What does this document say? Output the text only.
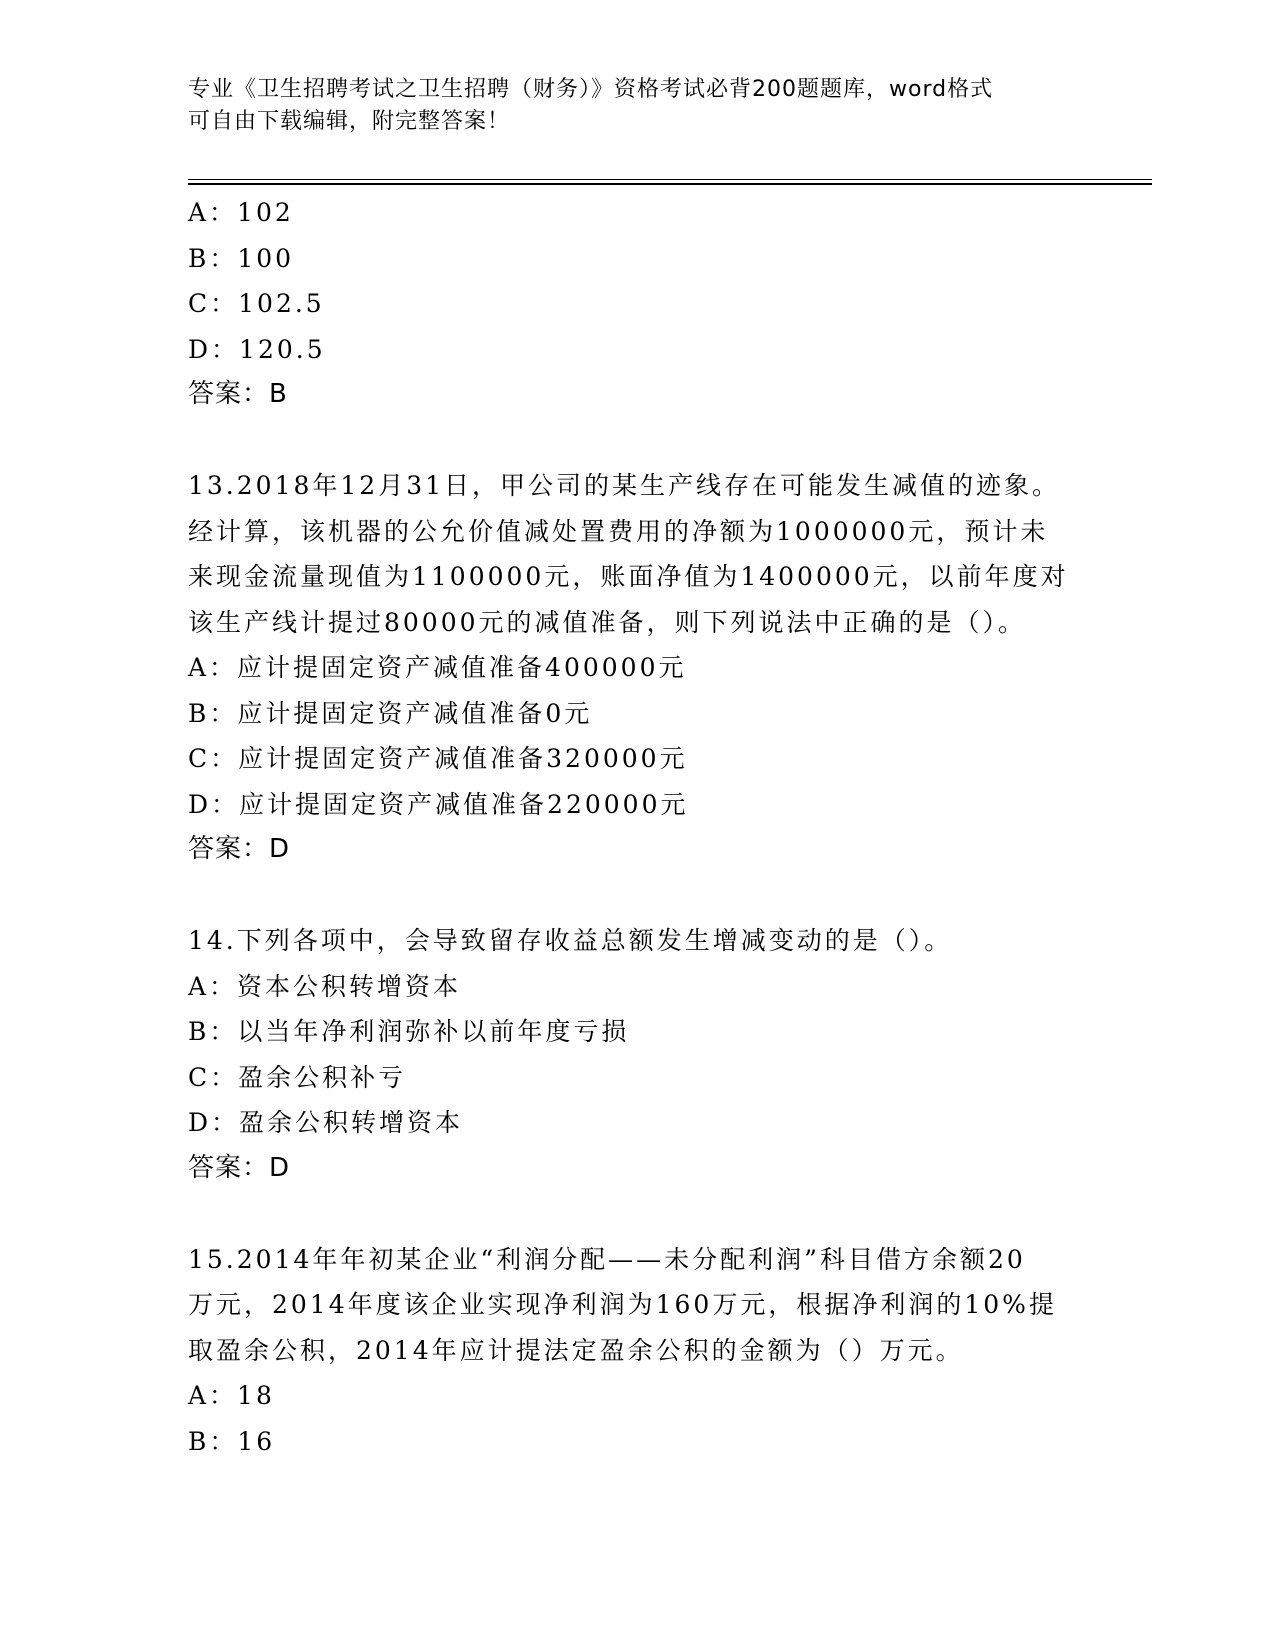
专业《卫生招聘考试之卫生招聘（财务）》资格考试必背200题题库，word格式
可自由下载编辑，附完整答案！
A：102
B：100
C：102.5
D：120.5
答案：B
13.2018年12月31日，甲公司的某生产线存在可能发生减值的迹象。
经计算，该机器的公允价值减处置费用的净额为1000000元，预计未
来现金流量现值为1100000元，账面净值为1400000元，以前年度对
该生产线计提过80000元的减值准备，则下列说法中正确的是（）。
A：应计提固定资产减值准备400000元
B：应计提固定资产减值准备0元
C：应计提固定资产减值准备320000元
D：应计提固定资产减值准备220000元
答案：D
14.下列各项中，会导致留存收益总额发生增减变动的是（）。
A：资本公积转增资本
B：以当年净利润弥补以前年度亏损
C：盈余公积补亏
D：盈余公积转增资本
答案：D
15.2014年年初某企业“利润分配——未分配利润”科目借方余额20
万元，2014年度该企业实现净利润为160万元，根据净利润的10%提
取盈余公积，2014年应计提法定盈余公积的金额为（）万元。
A：18
B：16
